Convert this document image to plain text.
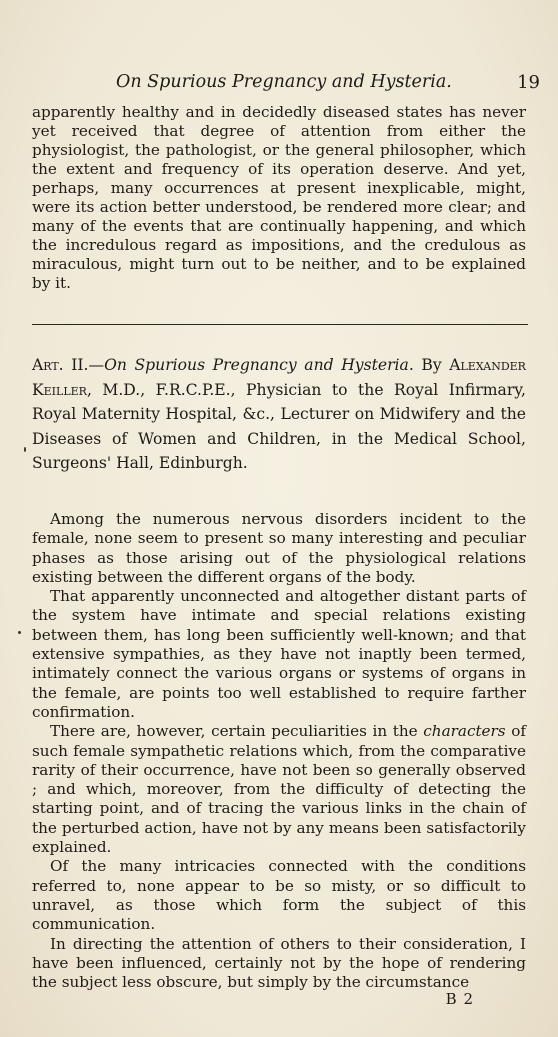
On Spurious Pregnancy and Hysteria.	19
apparently healthy and in decidedly diseased states has never yet received that degree of attention from either the physiologist, the pathologist, or the general philosopher, which the extent and frequency of its operation deserve. And yet, perhaps, many occurrences at present inexplicable, might, were its action better understood, be rendered more clear; and many of the events that are continually happening, and which the incredulous regard as impositions, and the credulous as miraculous, might turn out to be neither, and to be explained by it.
Art. II.—On Spurious Pregnancy and Hysteria. By Alexander Keiller, M.D., F.R.C.P.E., Physician to the Royal Infirmary, Royal Maternity Hospital, &c., Lecturer on Midwifery and the Diseases of Women and Children, in the Medical School, Surgeons' Hall, Edinburgh.

Among the numerous nervous disorders incident to the female, none seem to present so many interesting and peculiar phases as those arising out of the physiological relations existing between the different organs of the body.

That apparently unconnected and altogether distant parts of the system have intimate and special relations existing between them, has long been sufficiently well-known; and that extensive sympathies, as they have not inaptly been termed, intimately connect the various organs or systems of organs in the female, are points too well established to require farther confirmation.

There are, however, certain peculiarities in the characters of such female sympathetic relations which, from the comparative rarity of their occurrence, have not been so generally observed ; and which, moreover, from the difficulty of detecting the starting point, and of tracing the various links in the chain of the perturbed action, have not by any means been satisfactorily explained.

Of the many intricacies connected with the conditions referred to, none appear to be so misty, or so difficult to unravel, as those which form the subject of this communication.

In directing the attention of others to their consideration, I have been influenced, certainly not by the hope of rendering the subject less obscure, but simply by the circumstance

B 2
